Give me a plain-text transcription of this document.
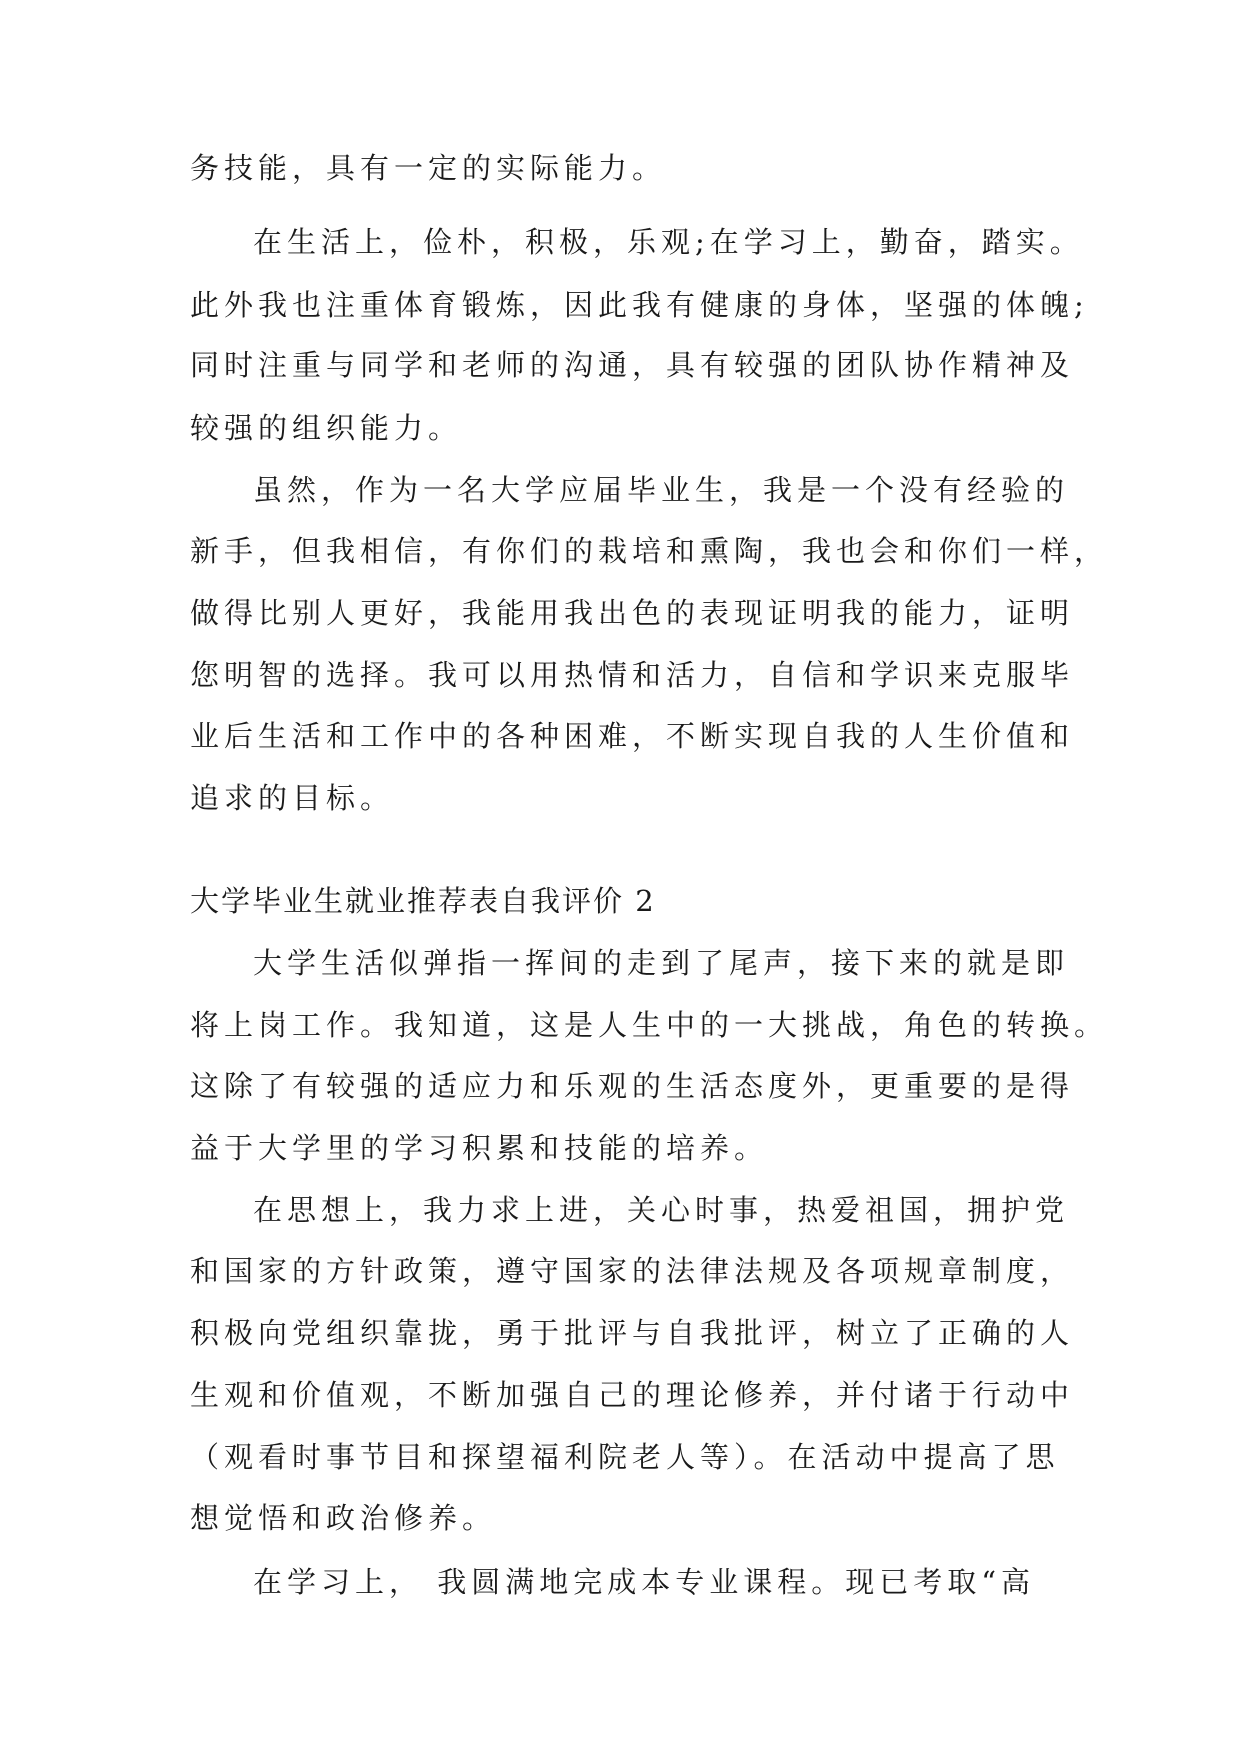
务技能，具有一定的实际能力。
在生活上，俭朴，积极，乐观;在学习上，勤奋，踏实。
此外我也注重体育锻炼，因此我有健康的身体，坚强的体魄;
同时注重与同学和老师的沟通，具有较强的团队协作精神及
较强的组织能力。
虽然，作为一名大学应届毕业生，我是一个没有经验的
新手，但我相信，有你们的栽培和熏陶，我也会和你们一样，
做得比别人更好，我能用我出色的表现证明我的能力，证明
您明智的选择。我可以用热情和活力，自信和学识来克服毕
业后生活和工作中的各种困难，不断实现自我的人生价值和
追求的目标。
大学毕业生就业推荐表自我评价 2
大学生活似弹指一挥间的走到了尾声，接下来的就是即
将上岗工作。我知道，这是人生中的一大挑战，角色的转换。
这除了有较强的适应力和乐观的生活态度外，更重要的是得
益于大学里的学习积累和技能的培养。
在思想上，我力求上进，关心时事，热爱祖国，拥护党
和国家的方针政策，遵守国家的法律法规及各项规章制度，
积极向党组织靠拢，勇于批评与自我批评，树立了正确的人
生观和价值观，不断加强自己的理论修养，并付诸于行动中
（观看时事节目和探望福利院老人等）。在活动中提高了思
想觉悟和政治修养。
在学习上， 我圆满地完成本专业课程。现已考取“高
